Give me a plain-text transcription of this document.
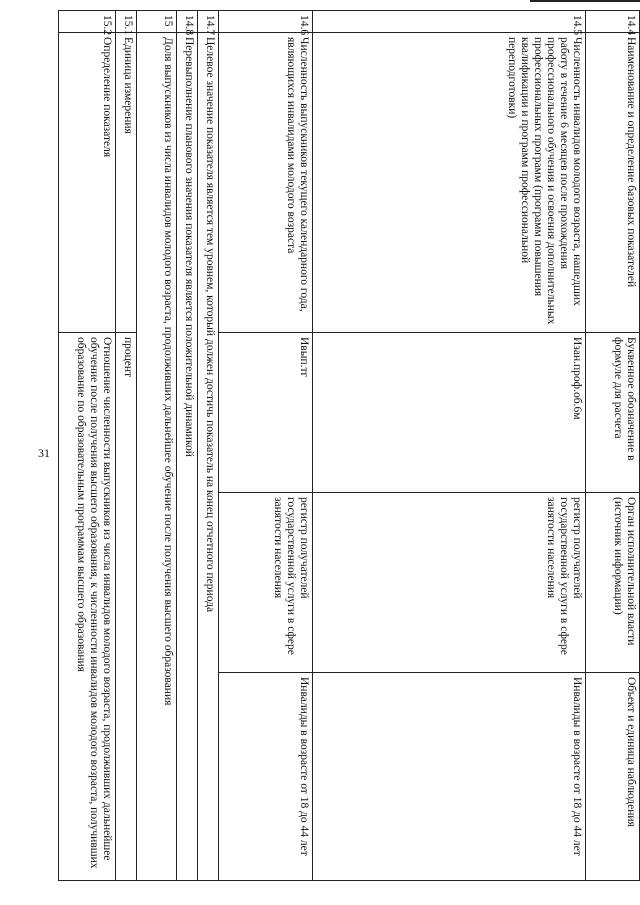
31
14.4	Наименование и определение базовых показателей	Буквенное обозначение в формуле для расчета	Орган исполнительной власти (источник информации)	Объект и единица наблюдения
14.5	Численность инвалидов молодого возраста, нашедших работу в течение 6 месяцев после прохождения профессионального обучения и освоения дополнительных профессиональных программ (программ повышения квалификации и программ профессиональной переподготовки)	Изан.проф.об.6м	регистр получателей государственной услуги в сфере занятости населения	Инвалиды в возрасте от 18 до 44 лет
14.6	Численность выпускников текущего календарного года, являющихся инвалидами молодого возраста	Ивып.тг	регистр получателей государственной услуги в сфере занятости населения	Инвалиды в возрасте от 18 до 44 лет
14.7	Целевое значение показателя является тем уровнем, который должен достичь показатель на конец отчетного периода			
14.8	Перевыполнение планового значения показателя является положительной динамикой			
15	Доля выпускников из числа инвалидов молодого возраста, продолживших дальнейшее обучение после получения высшего образования			
15.1	Единица измерения	процент		
15.2	Определение показателя	Отношение численности выпускников из числа инвалидов молодого возраста, продолживших дальнейшее обучение после получения высшего образования, к численности инвалидов молодого возраста, получивших образование по образовательным программам высшего образования		
